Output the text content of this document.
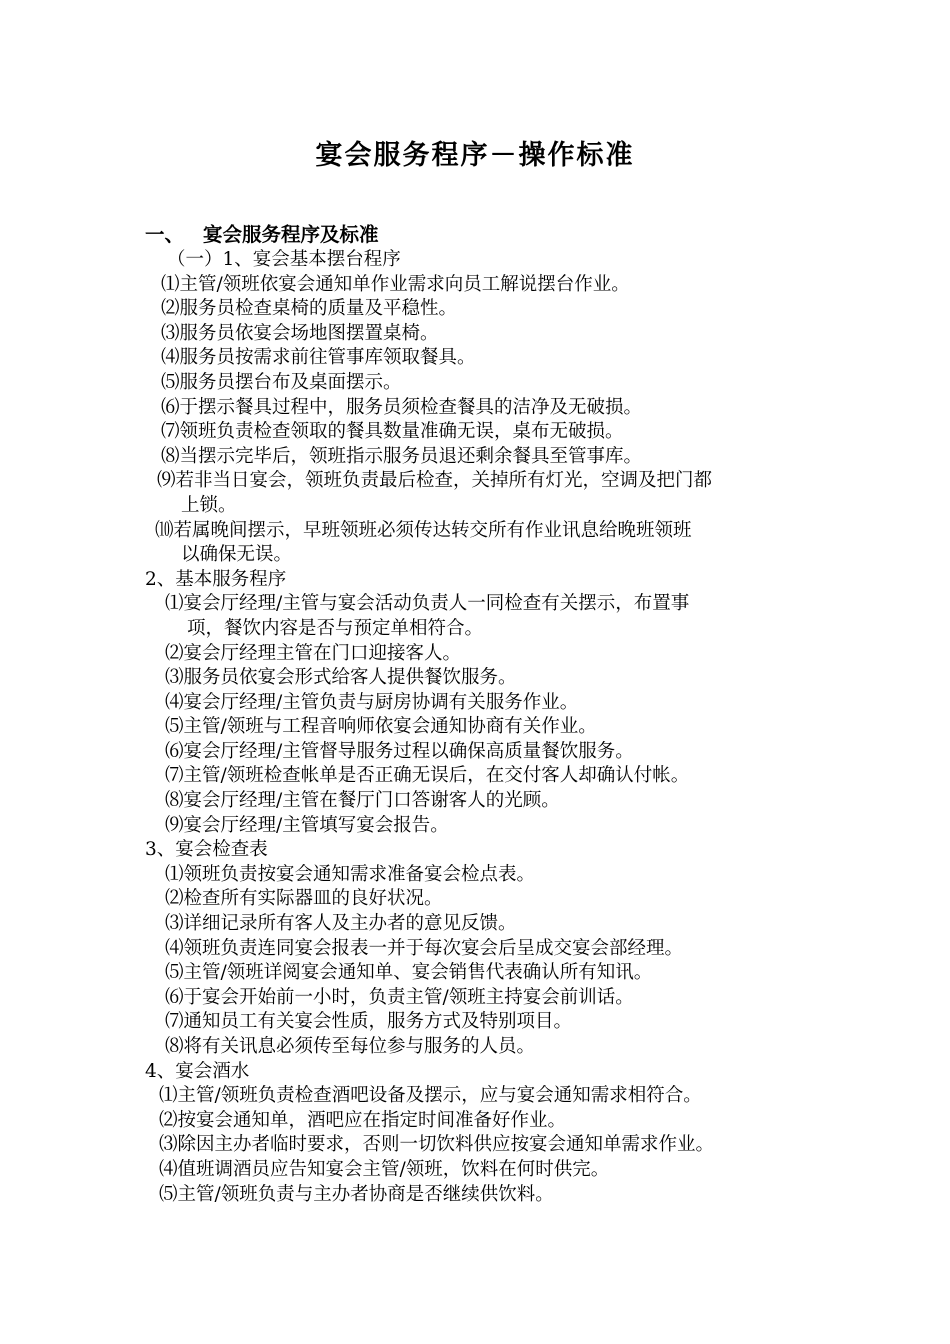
宴会服务程序－操作标准
一、 宴会服务程序及标准
（一）1、宴会基本摆台程序
⑴主管/领班依宴会通知单作业需求向员工解说摆台作业。
⑵服务员检查桌椅的质量及平稳性。
⑶服务员依宴会场地图摆置桌椅。
⑷服务员按需求前往管事库领取餐具。
⑸服务员摆台布及桌面摆示。
⑹于摆示餐具过程中，服务员须检查餐具的洁净及无破损。
⑺领班负责检查领取的餐具数量准确无误，桌布无破损。
⑻当摆示完毕后，领班指示服务员退还剩余餐具至管事库。
⑼若非当日宴会，领班负责最后检查，关掉所有灯光，空调及把门都
上锁。
⑽若属晚间摆示，早班领班必须传达转交所有作业讯息给晚班领班
以确保无误。
2、基本服务程序
⑴宴会厅经理/主管与宴会活动负责人一同检查有关摆示，布置事
项，餐饮内容是否与预定单相符合。
⑵宴会厅经理主管在门口迎接客人。
⑶服务员依宴会形式给客人提供餐饮服务。
⑷宴会厅经理/主管负责与厨房协调有关服务作业。
⑸主管/领班与工程音响师依宴会通知协商有关作业。
⑹宴会厅经理/主管督导服务过程以确保高质量餐饮服务。
⑺主管/领班检查帐单是否正确无误后，在交付客人却确认付帐。
⑻宴会厅经理/主管在餐厅门口答谢客人的光顾。
⑼宴会厅经理/主管填写宴会报告。
3、宴会检查表
⑴领班负责按宴会通知需求准备宴会检点表。
⑵检查所有实际器皿的良好状况。
⑶详细记录所有客人及主办者的意见反馈。
⑷领班负责连同宴会报表一并于每次宴会后呈成交宴会部经理。
⑸主管/领班详阅宴会通知单、宴会销售代表确认所有知讯。
⑹于宴会开始前一小时，负责主管/领班主持宴会前训话。
⑺通知员工有关宴会性质，服务方式及特别项目。
⑻将有关讯息必须传至每位参与服务的人员。
4、宴会酒水
⑴主管/领班负责检查酒吧设备及摆示，应与宴会通知需求相符合。
⑵按宴会通知单，酒吧应在指定时间准备好作业。
⑶除因主办者临时要求，否则一切饮料供应按宴会通知单需求作业。
⑷值班调酒员应告知宴会主管/领班，饮料在何时供完。
⑸主管/领班负责与主办者协商是否继续供饮料。
